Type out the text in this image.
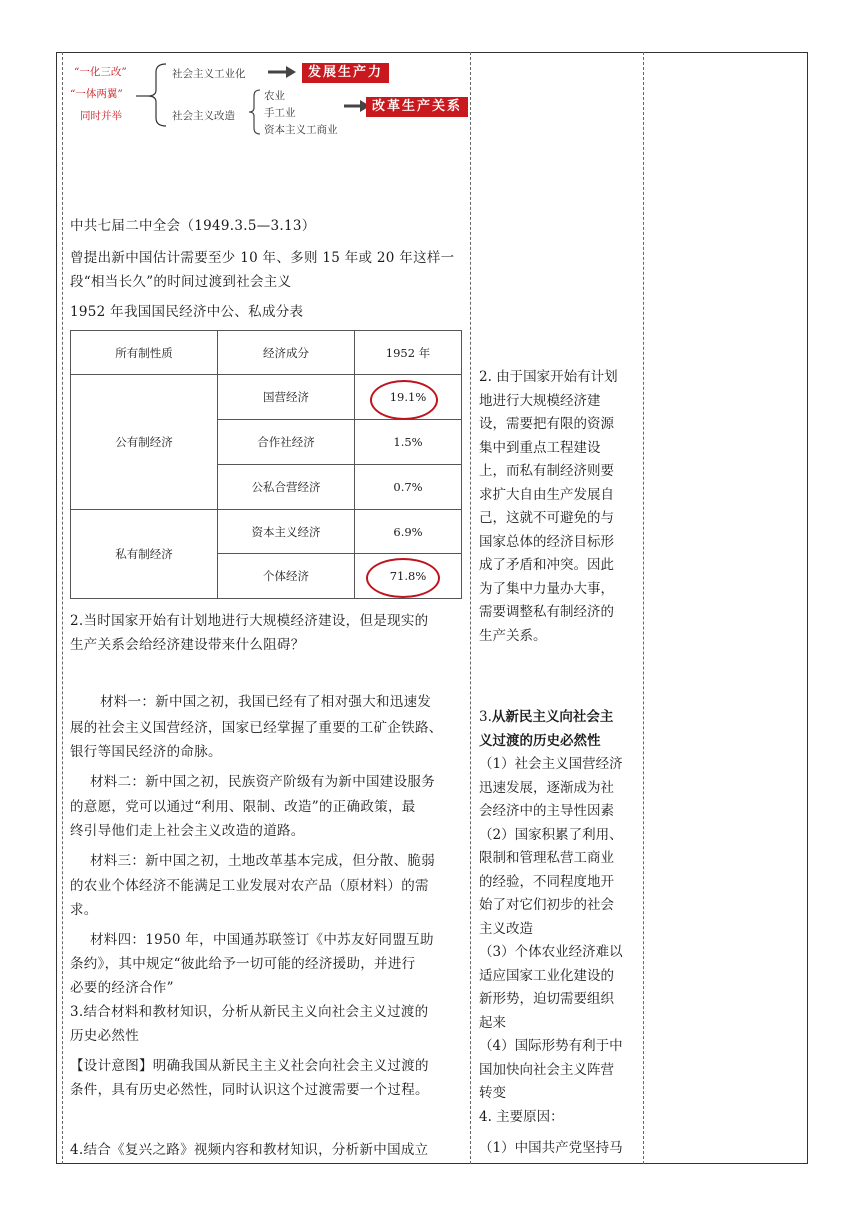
“一化三改”
“一体两翼”
同时并举
社会主义工业化
社会主义改造
发展生产力
农业
手工业
资本主义工商业
改革生产关系
中共七届二中全会（1949.3.5—3.13）
曾提出新中国估计需要至少 10 年、多则 15 年或 20 年这样一
段“相当长久”的时间过渡到社会主义
1952 年我国国民经济中公、私成分表
所有制性质	经济成分	1952 年
公有制经济	国营经济	19.1%
	合作社经济	1.5%
	公私合营经济	0.7%
私有制经济	资本主义经济	6.9%
	个体经济	71.8%
2.当时国家开始有计划地进行大规模经济建设，但是现实的
生产关系会给经济建设带来什么阻碍？
材料一：新中国之初，我国已经有了相对强大和迅速发
展的社会主义国营经济，国家已经掌握了重要的工矿企铁路、
银行等国民经济的命脉。
材料二：新中国之初，民族资产阶级有为新中国建设服务
的意愿，党可以通过“利用、限制、改造”的正确政策，最
终引导他们走上社会主义改造的道路。
材料三：新中国之初，土地改革基本完成，但分散、脆弱
的农业个体经济不能满足工业发展对农产品（原材料）的需
求。
材料四：1950 年，中国通苏联签订《中苏友好同盟互助
条约》，其中规定“彼此给予一切可能的经济援助，并进行
必要的经济合作”
3.结合材料和教材知识，分析从新民主义向社会主义过渡的
历史必然性
【设计意图】明确我国从新民主主义社会向社会主义过渡的
条件，具有历史必然性，同时认识这个过渡需要一个过程。
4.结合《复兴之路》视频内容和教材知识，分析新中国成立

2. 由于国家开始有计划

地进行大规模经济建

设，需要把有限的资源

集中到重点工程建设

上，而私有制经济则要

求扩大自由生产发展自

己，这就不可避免的与

国家总体的经济目标形

成了矛盾和冲突。因此

为了集中力量办大事，

需要调整私有制经济的

生产关系。

3.从新民主义向社会主

义过渡的历史必然性

（1）社会主义国营经济

迅速发展，逐渐成为社

会经济中的主导性因素

（2）国家积累了利用、

限制和管理私营工商业

的经验，不同程度地开

始了对它们初步的社会

主义改造

（3）个体农业经济难以

适应国家工业化建设的

新形势，迫切需要组织

起来

（4）国际形势有利于中

国加快向社会主义阵营

转变

4. 主要原因：

（1）中国共产党坚持马
